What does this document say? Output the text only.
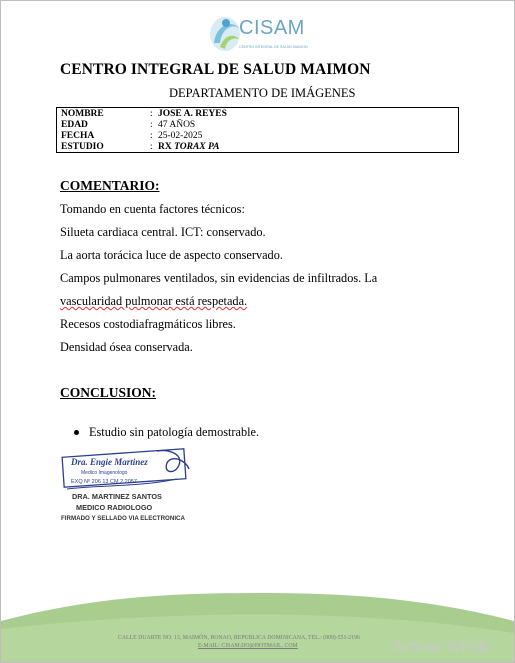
CISAM
CENTRO INTEGRAL DE SALUD MAIMON
CENTRO INTEGRAL DE SALUD MAIMON
DEPARTAMENTO DE IMÁGENES
NOMBRE	: JOSE A. REYES
EDAD	: 47 AÑOS
FECHA	: 25-02-2025
ESTUDIO	: RX TORAX PA
COMENTARIO:
Tomando en cuenta factores técnicos:
Silueta cardiaca central. ICT: conservado.
La aorta torácica luce de aspecto conservado.
Campos pulmonares ventilados, sin evidencias de infiltrados. La
vascularidad pulmonar está respetada.
Recesos costodiafragmáticos libres.
Densidad ósea conservada.
CONCLUSION:
Estudio sin patología demostrable.
Dra. Engie Martinez
Medico Imagenologo
EXQ Nº 206 13 CM 2 2057
DRA. MARTINEZ SANTOS
MEDICO RADIOLOGO
FIRMADO Y SELLADO VIA ELECTRONICA
CALLE DUARTE NO. 13, MAIMÓN, BONAO, REPUBLICA DOMINICANA, TEL.: (809)-551-2196
E-MAIL: CISAM.DO@HOTMAIL. COM	Activar Windo
